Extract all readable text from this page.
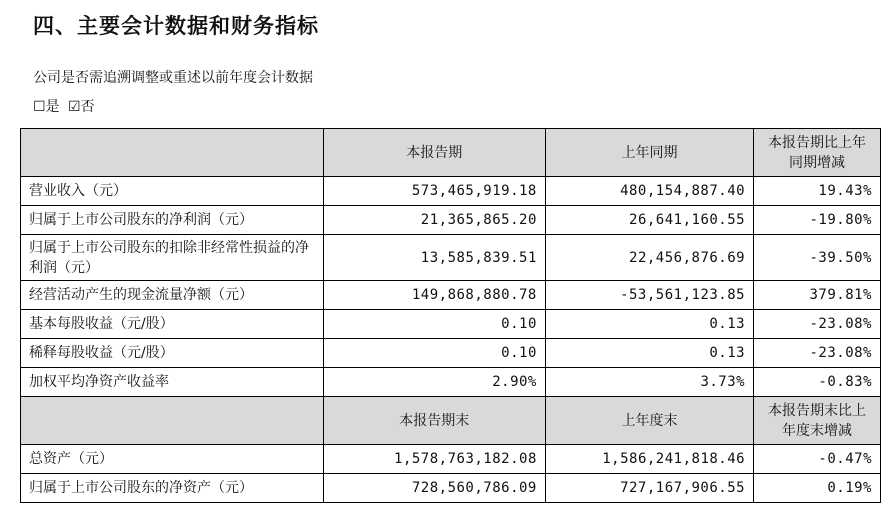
四、主要会计数据和财务指标
公司是否需追溯调整或重述以前年度会计数据
☐是 ☑否
	本报告期	上年同期	本报告期比上年同期增减
营业收入（元）	573,465,919.18	480,154,887.40	19.43%
归属于上市公司股东的净利润（元）	21,365,865.20	26,641,160.55	-19.80%
归属于上市公司股东的扣除非经常性损益的净利润（元）	13,585,839.51	22,456,876.69	-39.50%
经营活动产生的现金流量净额（元）	149,868,880.78	-53,561,123.85	379.81%
基本每股收益（元/股）	0.10	0.13	-23.08%
稀释每股收益（元/股）	0.10	0.13	-23.08%
加权平均净资产收益率	2.90%	3.73%	-0.83%
	本报告期末	上年度末	本报告期末比上年度末增减
总资产（元）	1,578,763,182.08	1,586,241,818.46	-0.47%
归属于上市公司股东的净资产（元）	728,560,786.09	727,167,906.55	0.19%
